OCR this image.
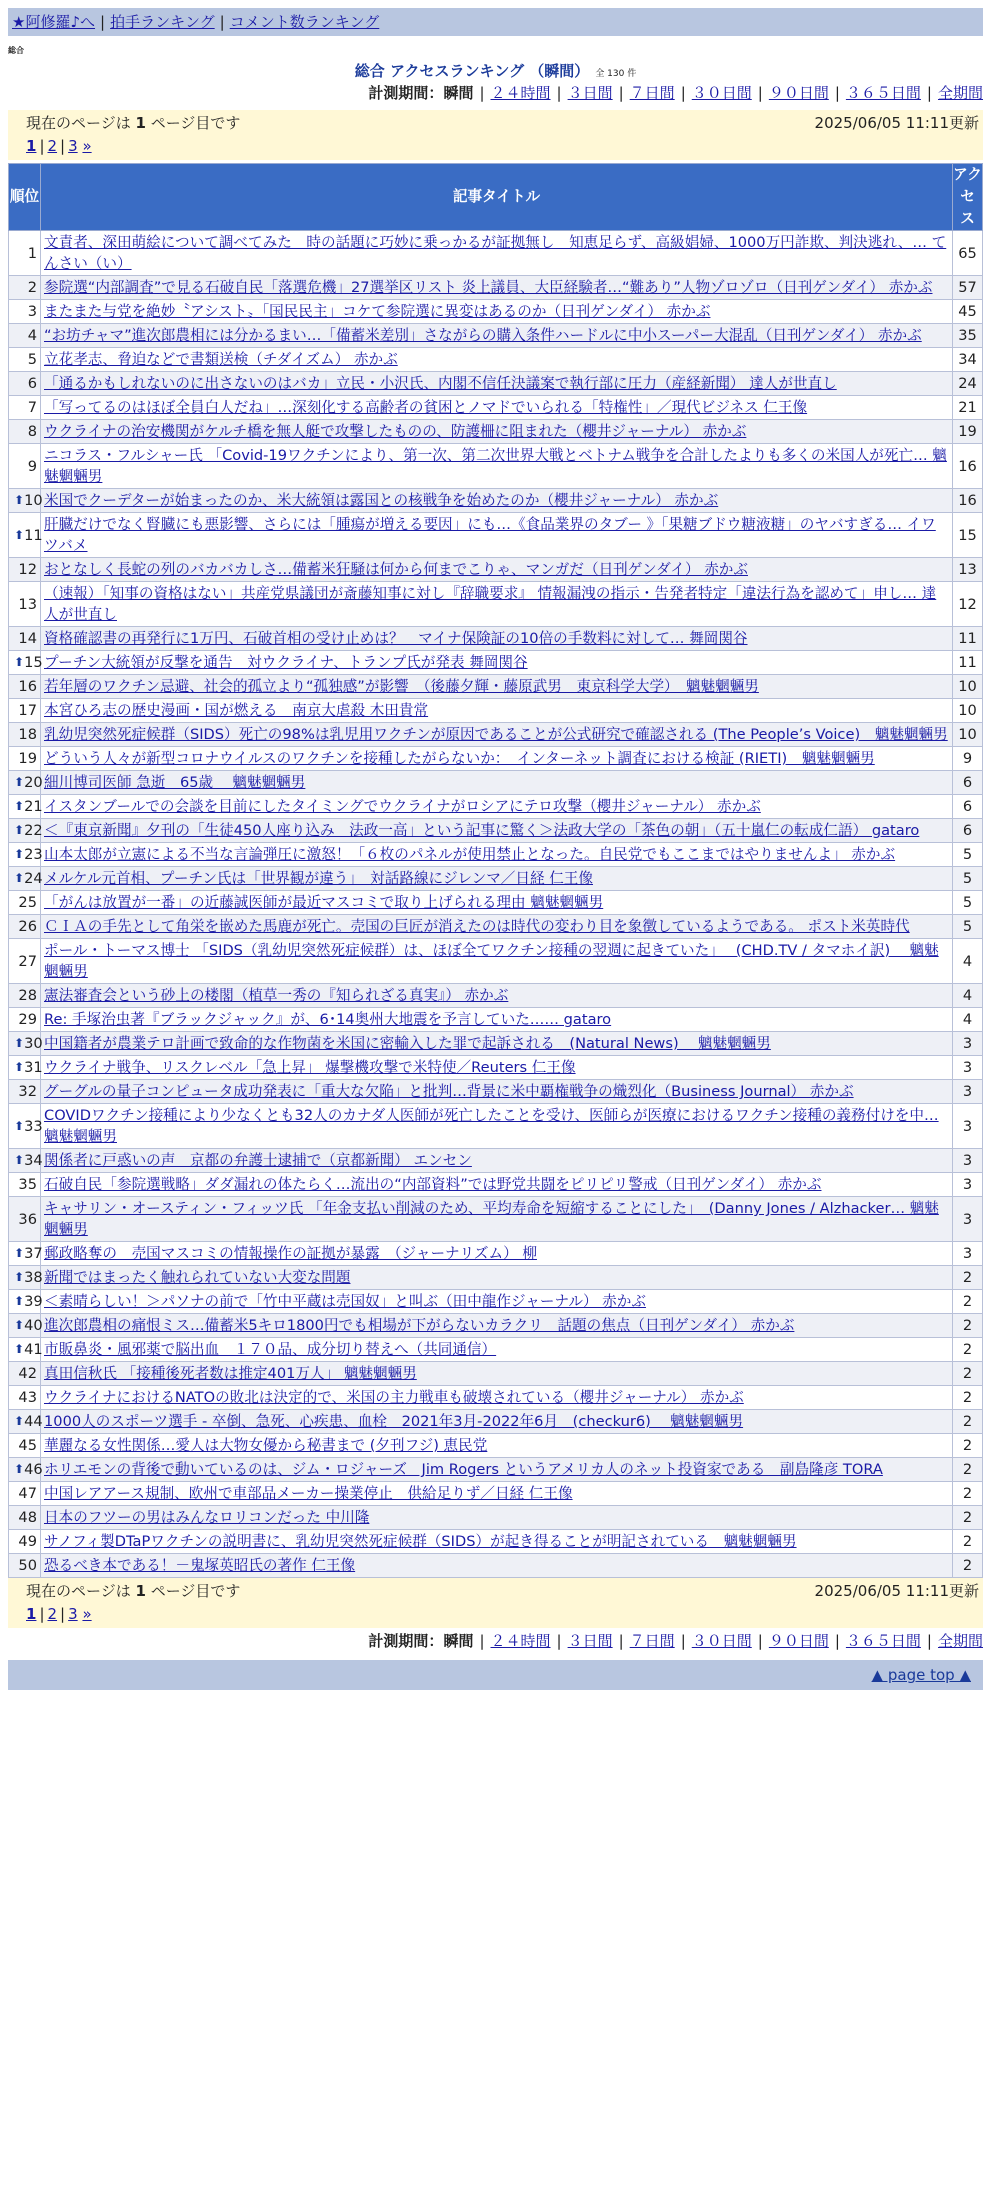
★阿修羅♪へ | 拍手ランキング | コメント数ランキング
総合
総合 アクセスランキング （瞬間） 全 130 件
計測期間：瞬間 | ２４時間 | ３日間 | ７日間 | ３０日間 | ９０日間 | ３６５日間 | 全期間
現在のページは 1 ページ目です	2025/06/05 11:11更新
1 | 2 | 3 »
順位	記事タイトル	アクセス
1	文責者、深田萌絵について調べてみた　時の話題に巧妙に乗っかるが証拠無し　知恵足らず、高級娼婦、1000万円詐欺、判決逃れ、… てんさい（い）	65
2	参院選“内部調査”で見る石破自民「落選危機」27選挙区リスト 炎上議員、大臣経験者…“難あり”人物ゾロゾロ（日刊ゲンダイ） 赤かぶ	57
3	またまた与党を絶妙〝アシスト〟「国民民主」コケて参院選に異変はあるのか（日刊ゲンダイ） 赤かぶ	45
4	“お坊チャマ”進次郎農相には分かるまい…「備蓄米差別」さながらの購入条件ハードルに中小スーパー大混乱（日刊ゲンダイ） 赤かぶ	35
5	立花孝志、脅迫などで書類送検（チダイズム） 赤かぶ	34
6	「通るかもしれないのに出さないのはバカ」立民・小沢氏、内閣不信任決議案で執行部に圧力（産経新聞） 達人が世直し	24
7	「写ってるのはほぼ全員白人だね」…深刻化する高齢者の貧困とノマドでいられる「特権性」／現代ビジネス 仁王像	21
8	ウクライナの治安機関がケルチ橋を無人艇で攻撃したものの、防護柵に阻まれた（櫻井ジャーナル） 赤かぶ	19
9	ニコラス・フルシャー氏 「Covid-19ワクチンにより、第一次、第二次世界大戦とベトナム戦争を合計したよりも多くの米国人が死亡… 魑魅魍魎男	16

⬆ 10	米国でクーデターが始まったのか、米大統領は露国との核戦争を始めたのか（櫻井ジャーナル） 赤かぶ	16

⬆ 11	肝臓だけでなく腎臓にも悪影響、さらには「腫瘍が増える要因」にも…《食品業界のタブー 》「果糖ブドウ糖液糖」のヤバすぎる… イワツバメ	15
12	おとなしく長蛇の列のバカバカしさ…備蓄米狂騒は何から何までこりゃ、マンガだ（日刊ゲンダイ） 赤かぶ	13
13	（速報）「知事の資格はない」共産党県議団が斎藤知事に対し『辞職要求』 情報漏洩の指示・告発者特定「違法行為を認めて」申し… 達人が世直し	12
14	資格確認書の再発行に1万円、石破首相の受け止めは？　マイナ保険証の10倍の手数料に対して… 舞岡関谷	11

⬆ 15	プーチン大統領が反撃を通告　対ウクライナ、トランプ氏が発表 舞岡関谷	11
16	若年層のワクチン忌避、社会的孤立より“孤独感”が影響　（後藤夕輝・藤原武男　東京科学大学）　魑魅魍魎男	10
17	本宮ひろ志の歴史漫画・国が燃える　南京大虐殺 木田貴常	10
18	乳幼児突然死症候群（SIDS）死亡の98%は乳児用ワクチンが原因であることが公式研究で確認される (The People’s Voice)　魑魅魍魎男	10
19	どういう人々が新型コロナウイルスのワクチンを接種したがらないか：　インターネット調査における検証 (RIETI)　魑魅魍魎男	9

⬆ 20	細川博司医師 急逝　65歳　 魑魅魍魎男	6

⬆ 21	イスタンブールでの会談を目前にしたタイミングでウクライナがロシアにテロ攻撃（櫻井ジャーナル） 赤かぶ	6

⬆ 22	＜『東京新聞』夕刊の「生徒450人座り込み　法政一高」という記事に驚く＞法政大学の「茶色の朝」（五十嵐仁の転成仁語） gataro	6

⬆ 23	山本太郎が立憲による不当な言論弾圧に激怒！「６枚のパネルが使用禁止となった。自民党でもここまではやりませんよ」 赤かぶ	5

⬆ 24	メルケル元首相、プーチン氏は「世界観が違う」　対話路線にジレンマ／日経 仁王像	5
25	「がんは放置が一番」の近藤誠医師が最近マスコミで取り上げられる理由 魑魅魍魎男	5
26	ＣＩＡの手先として角栄を嵌めた馬鹿が死亡。売国の巨匠が消えたのは時代の変わり目を象徴しているようである。 ポスト米英時代	5
27	ポール・トーマス博士 「SIDS（乳幼児突然死症候群）は、ほぼ全てワクチン接種の翌週に起きていた」　 (CHD.TV / タマホイ訳)　 魑魅魍魎男	4
28	憲法審査会という砂上の楼閣（植草一秀の『知られざる真実』） 赤かぶ	4
29	Re: 手塚治虫著『ブラックジャック』が、6･14奥州大地震を予言していた…… gataro	4

⬆ 30	中国籍者が農業テロ計画で致命的な作物菌を米国に密輸入した罪で起訴される　(Natural News)　 魑魅魍魎男	3

⬆ 31	ウクライナ戦争、リスクレベル「急上昇」 爆撃機攻撃で米特使／Reuters 仁王像	3
32	グーグルの量子コンピュータ成功発表に「重大な欠陥」と批判…背景に米中覇権戦争の熾烈化（Business Journal） 赤かぶ	3

⬆ 33	COVIDワクチン接種により少なくとも32人のカナダ人医師が死亡したことを受け、医師らが医療におけるワクチン接種の義務付けを中… 魑魅魍魎男	3

⬆ 34	関係者に戸惑いの声　京都の弁護士逮捕で（京都新聞） エンセン	3
35	石破自民「参院選戦略」ダダ漏れの体たらく…流出の“内部資料”では野党共闘をピリピリ警戒（日刊ゲンダイ） 赤かぶ	3
36	キャサリン・オースティン・フィッツ氏 「年金支払い削減のため、平均寿命を短縮することにした」　(Danny Jones / Alzhacker… 魑魅魍魎男	3

⬆ 37	郵政略奪の　売国マスコミの情報操作の証拠が暴露　（ジャーナリズム） 柳	3

⬆ 38	新聞ではまったく触れられていない大変な問題	2

⬆ 39	＜素晴らしい！＞パソナの前で「竹中平蔵は売国奴」と叫ぶ（田中龍作ジャーナル） 赤かぶ	2

⬆ 40	進次郎農相の痛恨ミス…備蓄米5キロ1800円でも相場が下がらないカラクリ　話題の焦点（日刊ゲンダイ） 赤かぶ	2

⬆ 41	市販鼻炎・風邪薬で脳出血　１７０品、成分切り替えへ（共同通信）	2
42	真田信秋氏 「接種後死者数は推定401万人」 魑魅魍魎男	2
43	ウクライナにおけるNATOの敗北は決定的で、米国の主力戦車も破壊されている（櫻井ジャーナル） 赤かぶ	2

⬆ 44	1000人のスポーツ選手 - 卒倒、急死、心疾患、血栓　2021年3月-2022年6月　(checkur6)　 魑魅魍魎男	2
45	華麗なる女性関係…愛人は大物女優から秘書まで (夕刊フジ) 恵民党	2

⬆ 46	ホリエモンの背後で動いているのは、ジム・ロジャーズ　Jim Rogers というアメリカ人のネット投資家である　副島隆彦 TORA	2
47	中国レアアース規制、欧州で車部品メーカー操業停止　供給足りず／日経 仁王像	2
48	日本のフツーの男はみんなロリコンだった 中川隆	2
49	サノフィ製DTaPワクチンの説明書に、乳幼児突然死症候群（SIDS）が起き得ることが明記されている　魑魅魍魎男	2
50	恐るべき本である！－鬼塚英昭氏の著作 仁王像	2
▲ page top ▲
現在のページは 1 ページ目です	2025/06/05 11:11更新
1 | 2 | 3 »
計測期間：瞬間 | ２４時間 | ３日間 | ７日間 | ３０日間 | ９０日間 | ３６５日間 | 全期間
